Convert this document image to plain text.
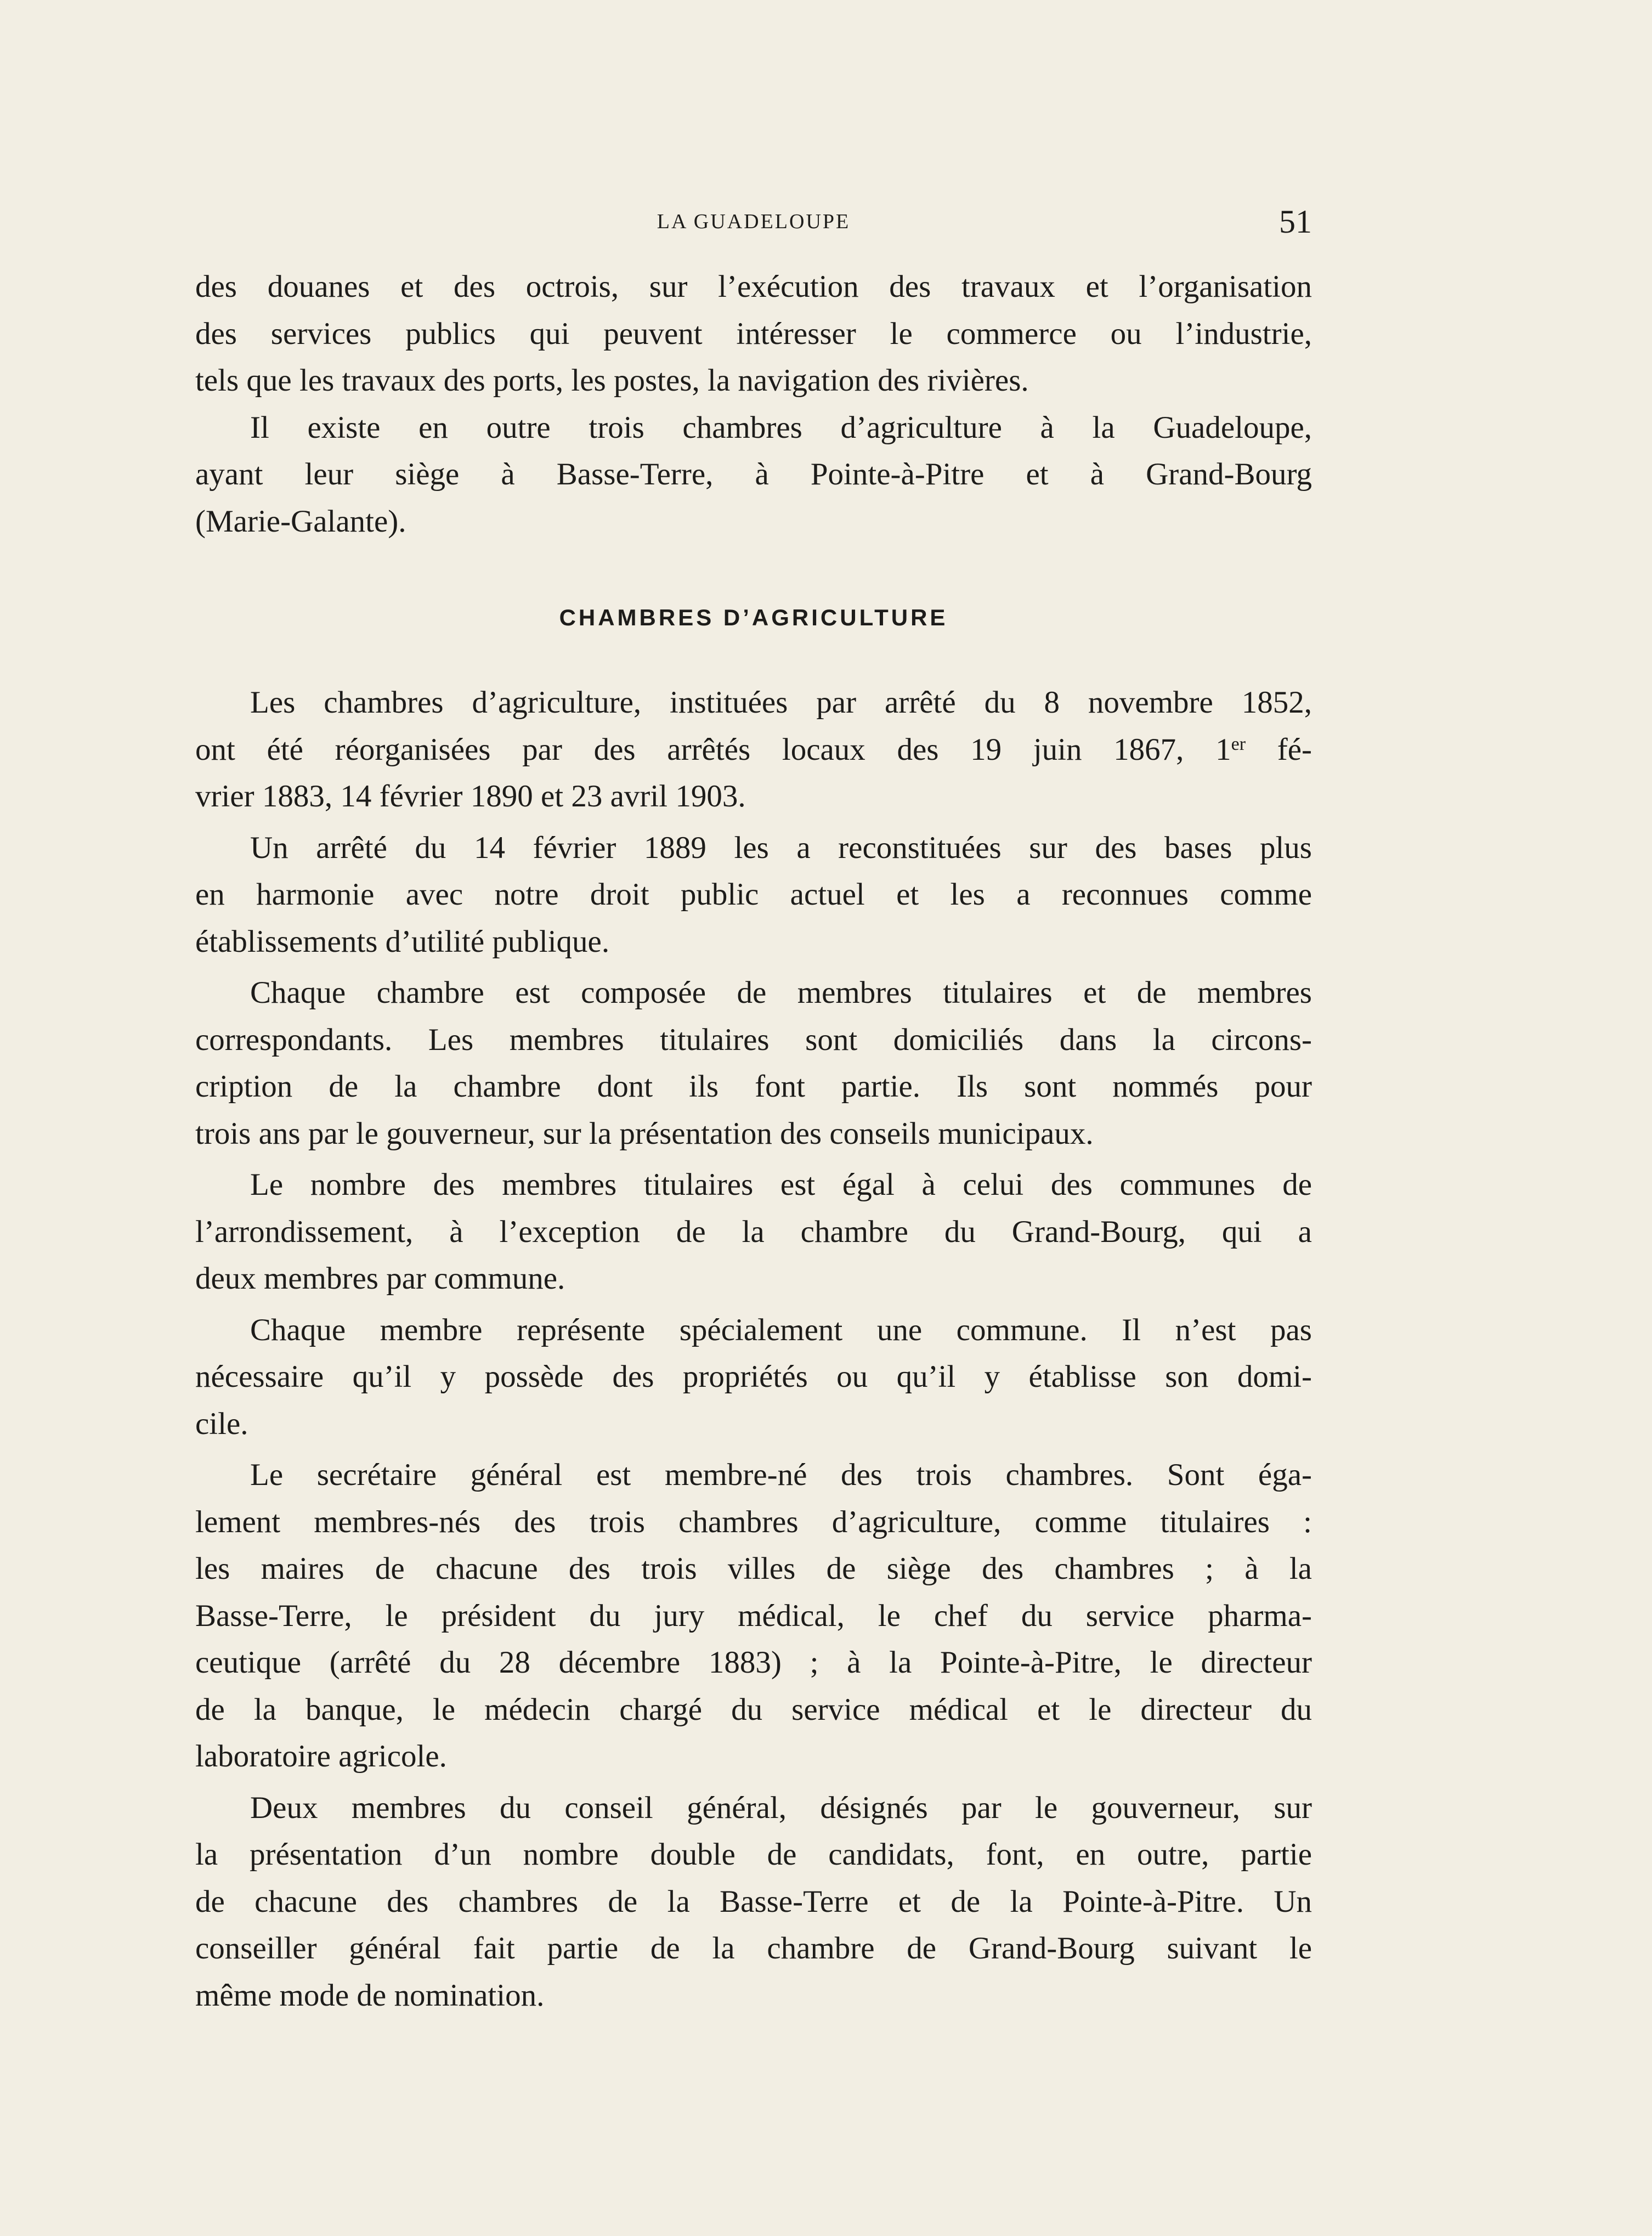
LA GUADELOUPE	51
des douanes et des octrois, sur l’exécution des travaux et l’organisation
des services publics qui peuvent intéresser le commerce ou l’industrie,
tels que les travaux des ports, les postes, la navigation des rivières.
Il existe en outre trois chambres d’agriculture à la Guadeloupe,
ayant leur siège à Basse-Terre, à Pointe-à-Pitre et à Grand-Bourg
(Marie-Galante).
CHAMBRES D’AGRICULTURE
Les chambres d’agriculture, instituées par arrêté du 8 novembre 1852,
ont été réorganisées par des arrêtés locaux des 19 juin 1867, 1er fé-
vrier 1883, 14 février 1890 et 23 avril 1903.
Un arrêté du 14 février 1889 les a reconstituées sur des bases plus
en harmonie avec notre droit public actuel et les a reconnues comme
établissements d’utilité publique.
Chaque chambre est composée de membres titulaires et de membres
correspondants. Les membres titulaires sont domiciliés dans la circons-
cription de la chambre dont ils font partie. Ils sont nommés pour
trois ans par le gouverneur, sur la présentation des conseils municipaux.
Le nombre des membres titulaires est égal à celui des communes de
l’arrondissement, à l’exception de la chambre du Grand-Bourg, qui a
deux membres par commune.
Chaque membre représente spécialement une commune. Il n’est pas
nécessaire qu’il y possède des propriétés ou qu’il y établisse son domi-
cile.
Le secrétaire général est membre-né des trois chambres. Sont éga-
lement membres-nés des trois chambres d’agriculture, comme titulaires :
les maires de chacune des trois villes de siège des chambres ; à la
Basse-Terre, le président du jury médical, le chef du service pharma-
ceutique (arrêté du 28 décembre 1883) ; à la Pointe-à-Pitre, le directeur
de la banque, le médecin chargé du service médical et le directeur du
laboratoire agricole.
Deux membres du conseil général, désignés par le gouverneur, sur
la présentation d’un nombre double de candidats, font, en outre, partie
de chacune des chambres de la Basse-Terre et de la Pointe-à-Pitre. Un
conseiller général fait partie de la chambre de Grand-Bourg suivant le
même mode de nomination.
